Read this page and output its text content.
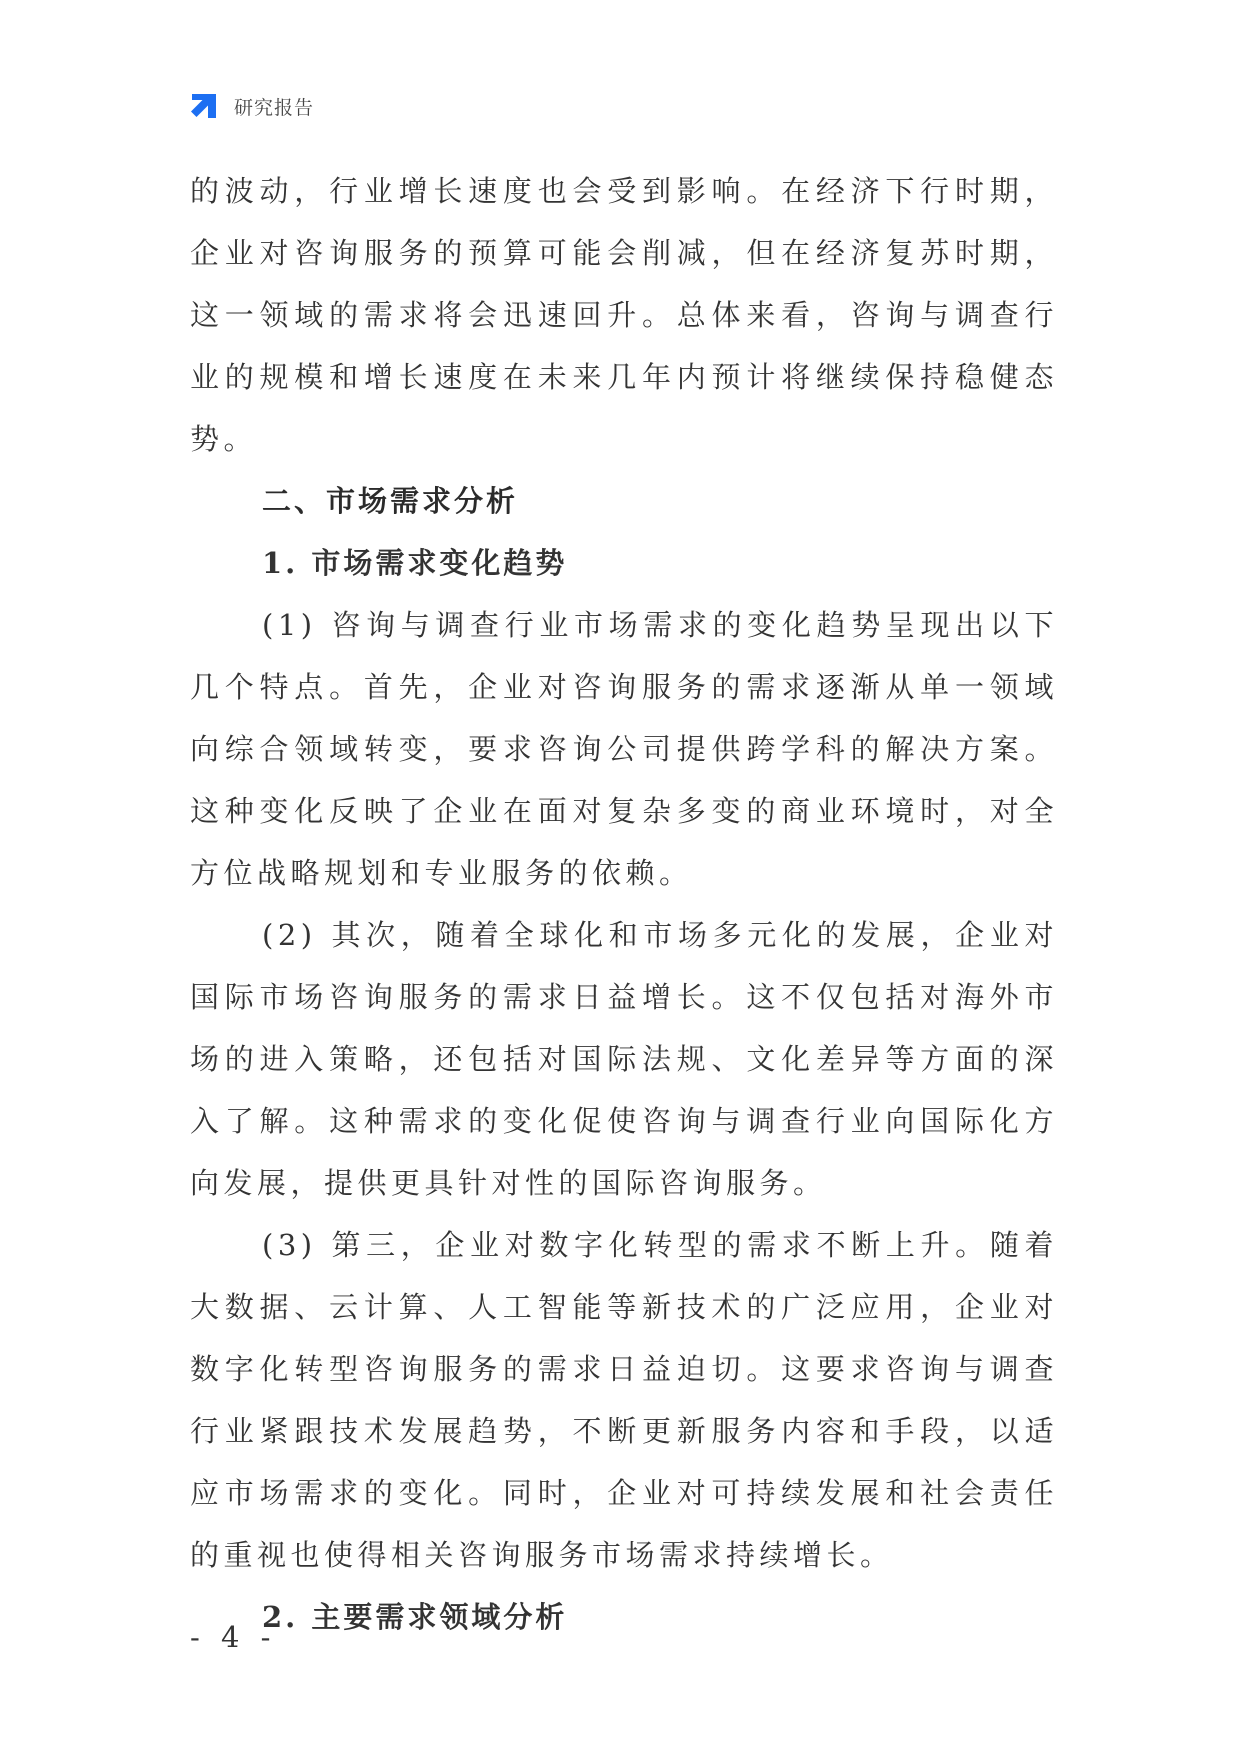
研究报告

的波动，行业增长速度也会受到影响。在经济下行时期，企业对咨询服务的预算可能会削减，但在经济复苏时期，这一领域的需求将会迅速回升。总体来看，咨询与调查行业的规模和增长速度在未来几年内预计将继续保持稳健态势。

二、市场需求分析
1. 市场需求变化趋势

(1) 咨询与调查行业市场需求的变化趋势呈现出以下几个特点。首先，企业对咨询服务的需求逐渐从单一领域向综合领域转变，要求咨询公司提供跨学科的解决方案。这种变化反映了企业在面对复杂多变的商业环境时，对全方位战略规划和专业服务的依赖。

(2) 其次，随着全球化和市场多元化的发展，企业对国际市场咨询服务的需求日益增长。这不仅包括对海外市场的进入策略，还包括对国际法规、文化差异等方面的深入了解。这种需求的变化促使咨询与调查行业向国际化方向发展，提供更具针对性的国际咨询服务。

(3) 第三，企业对数字化转型的需求不断上升。随着大数据、云计算、人工智能等新技术的广泛应用，企业对数字化转型咨询服务的需求日益迫切。这要求咨询与调查行业紧跟技术发展趋势，不断更新服务内容和手段，以适应市场需求的变化。同时，企业对可持续发展和社会责任的重视也使得相关咨询服务市场需求持续增长。

2. 主要需求领域分析
- 4 -
